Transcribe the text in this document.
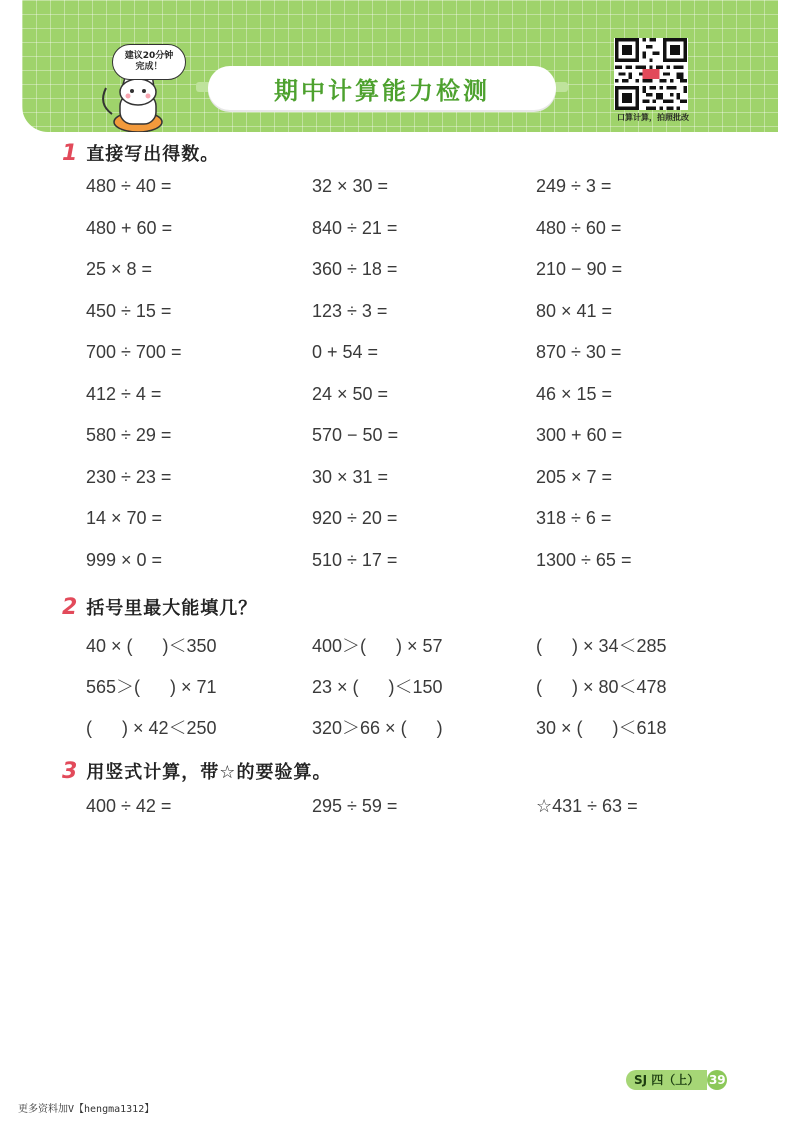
期中计算能力检测
建议20分钟
完成！
口算计算，拍照批改
1 直接写出得数。
480 ÷ 40 =	32 × 30 =	249 ÷ 3 =
480 + 60 =	840 ÷ 21 =	480 ÷ 60 =
25 × 8 =	360 ÷ 18 =	210 − 90 =
450 ÷ 15 =	123 ÷ 3 =	80 × 41 =
700 ÷ 700 =	0 + 54 =	870 ÷ 30 =
412 ÷ 4 =	24 × 50 =	46 × 15 =
580 ÷ 29 =	570 − 50 =	300 + 60 =
230 ÷ 23 =	30 × 31 =	205 × 7 =
14 × 70 =	920 ÷ 20 =	318 ÷ 6 =
999 × 0 =	510 ÷ 17 =	1300 ÷ 65 =
2 括号里最大能填几？
40 × (      )＜350	400＞(      ) × 57	(      ) × 34＜285
565＞(      ) × 71	23 × (      )＜150	(      ) × 80＜478
(      ) × 42＜250	320＞66 × (      )	30 × (      )＜618
3 用竖式计算，带☆的要验算。
400 ÷ 42 =	295 ÷ 59 =	☆431 ÷ 63 =
SJ 四（上） 39
更多资料加V【hengma1312】
